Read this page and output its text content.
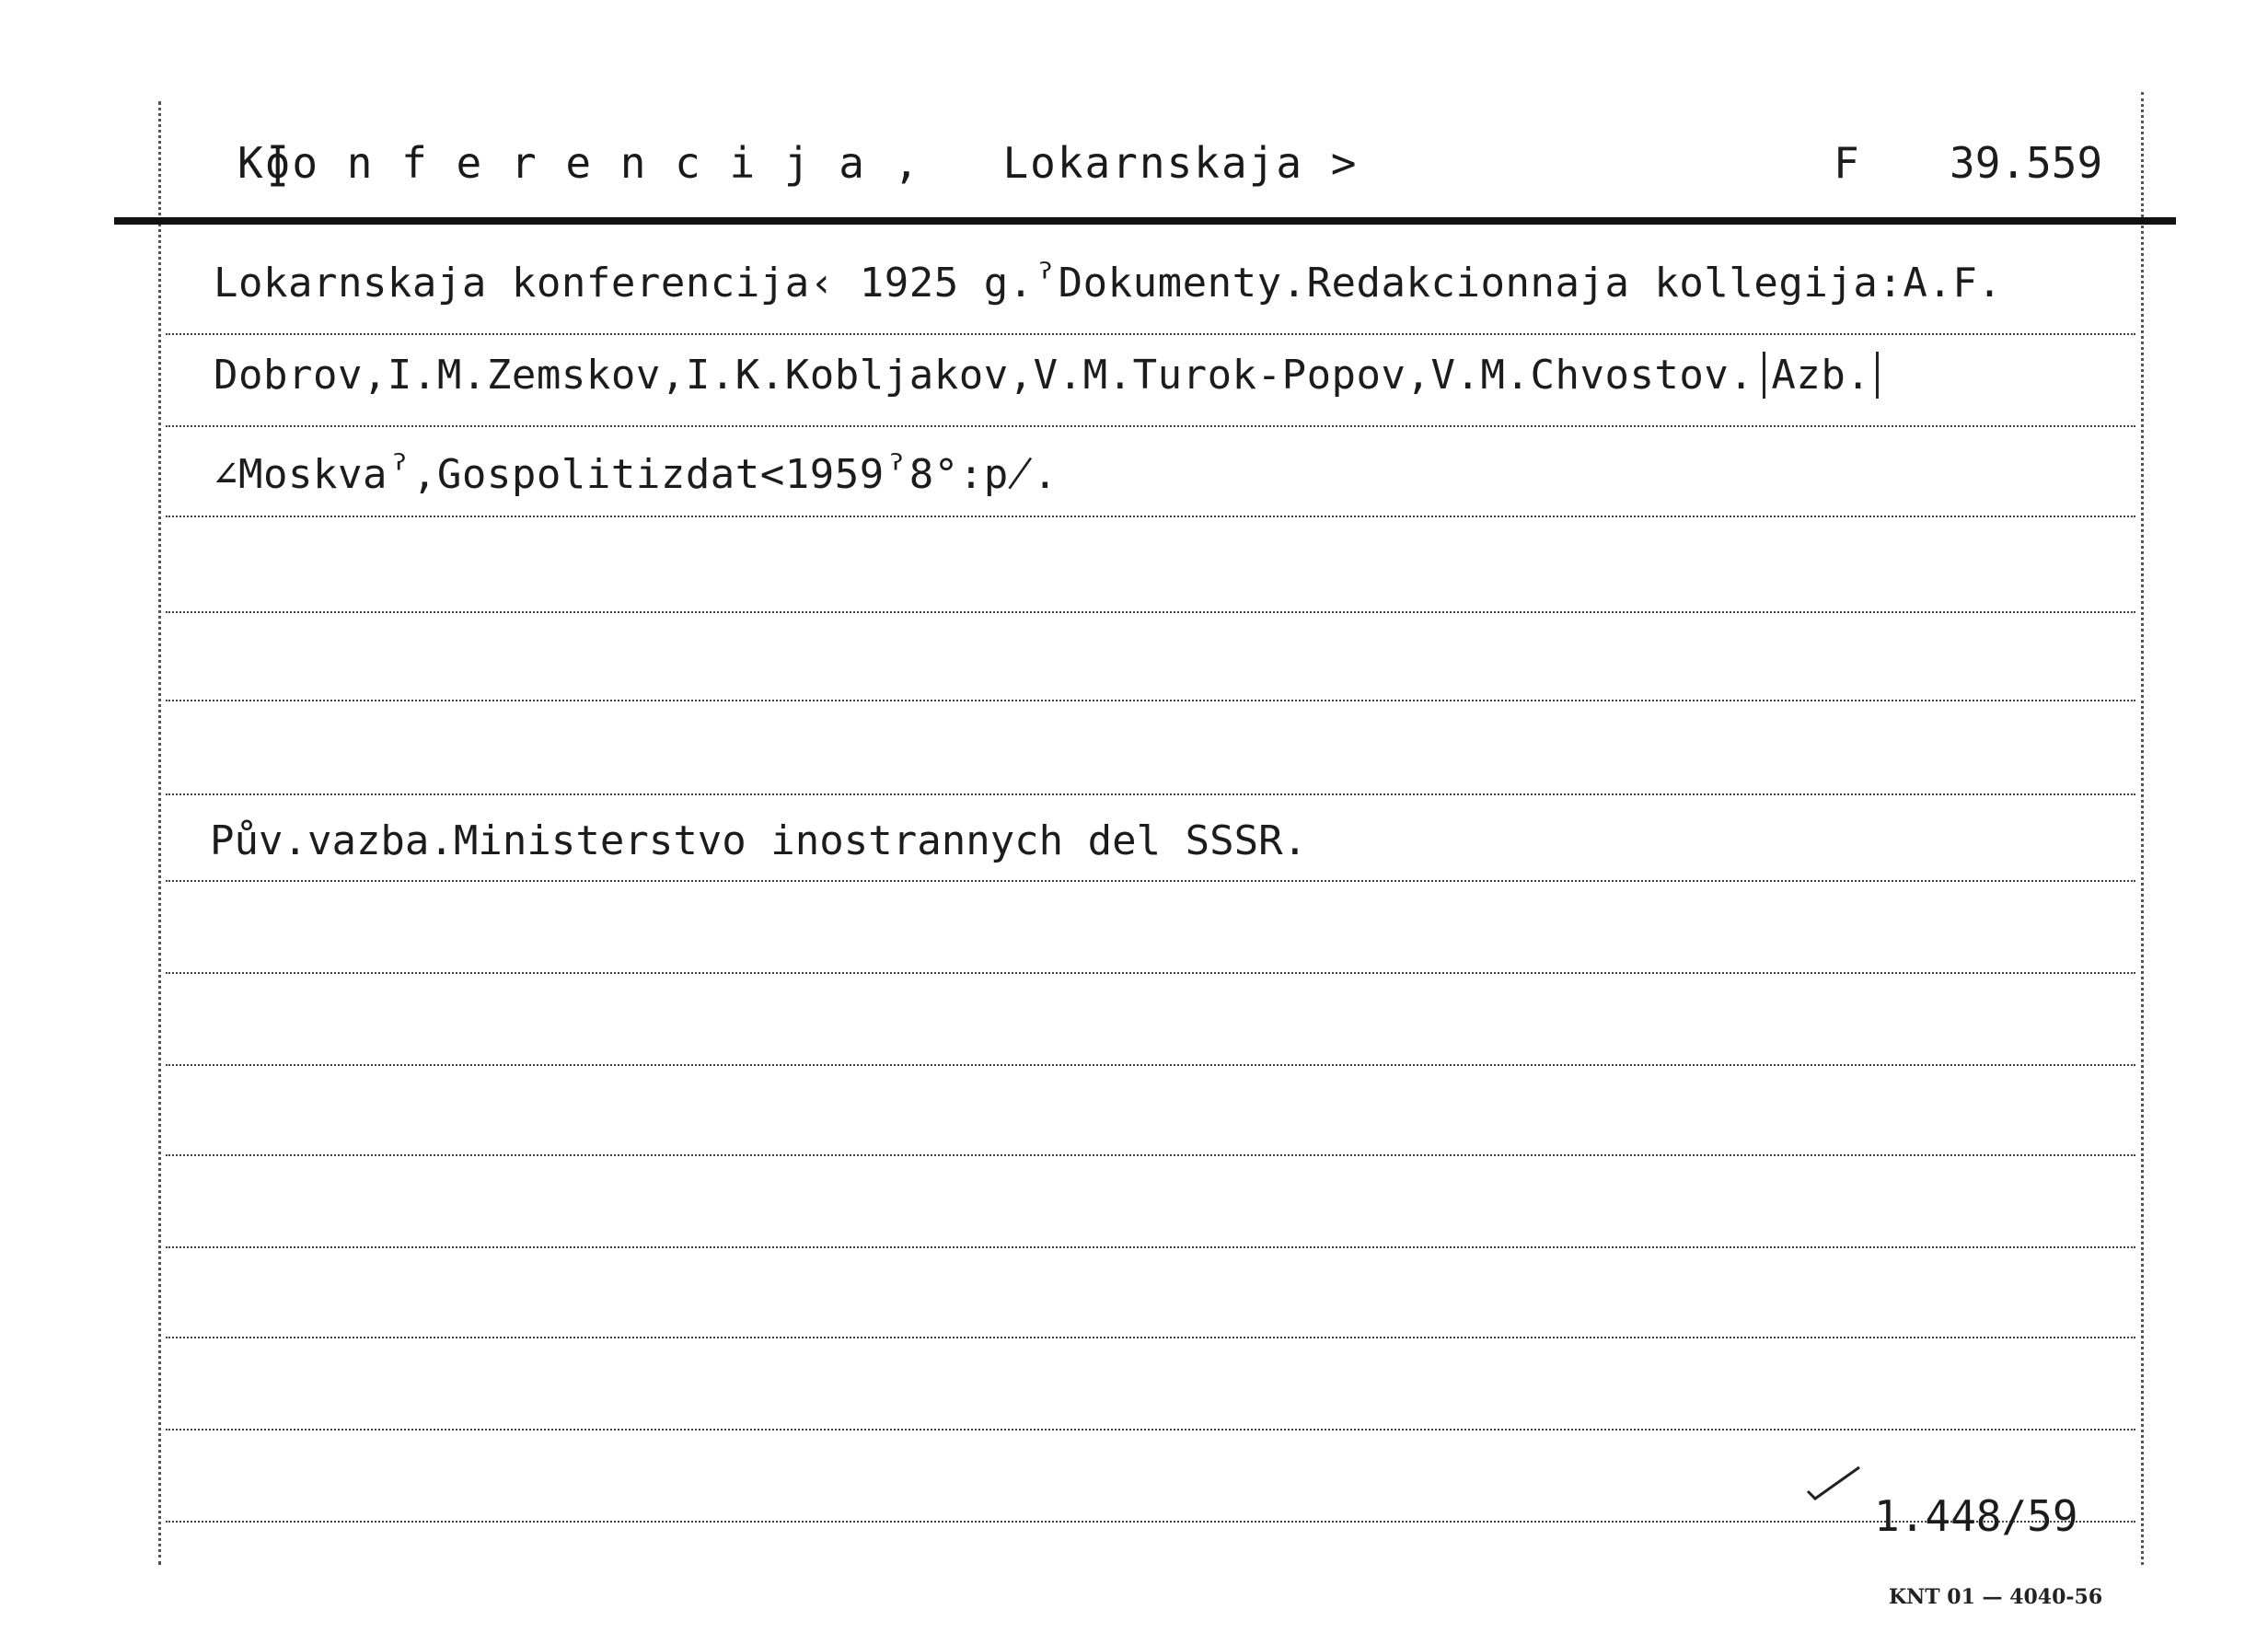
Kɸo n f e r e n c i j a ,   Lokarnskaja >	F 39.559
Lokarnskaja konferencija‹ 1925 g.ˀDokumenty.Redakcionnaja kollegija:A.F.
Dobrov,I.M.Zemskov,I.K.Kobljakov,V.M.Turok-Popov,V.M.Chvostov. Azb.
∠Moskvaˀ,Gospolitizdat<1959ˀ8°:p̸.
Pův.vazba.Ministerstvo inostrannych del SSSR.
1.448/59
KNT 01 — 4040-56
